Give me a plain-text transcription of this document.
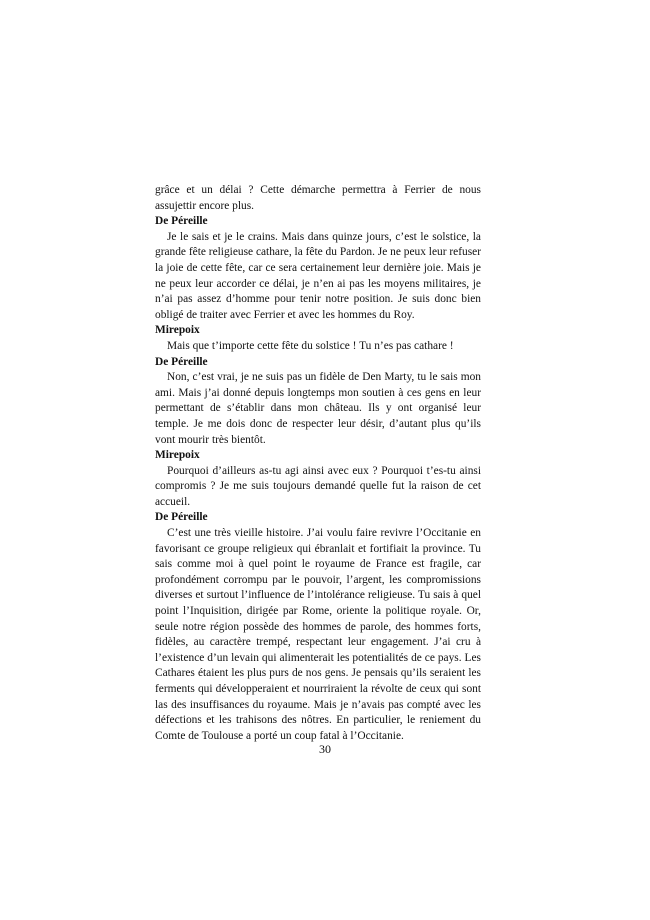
grâce et un délai ? Cette démarche permettra à Ferrier de nous assujettir encore plus.

De Péreille

Je le sais et je le crains. Mais dans quinze jours, c’est le solstice, la grande fête religieuse cathare, la fête du Pardon. Je ne peux leur refuser la joie de cette fête, car ce sera certainement leur dernière joie. Mais je ne peux leur accorder ce délai, je n’en ai pas les moyens militaires, je n’ai pas assez d’homme pour tenir notre position. Je suis donc bien obligé de traiter avec Ferrier et avec les hommes du Roy.

Mirepoix

Mais que t’importe cette fête du solstice ! Tu n’es pas cathare !

De Péreille

Non, c’est vrai, je ne suis pas un fidèle de Den Marty, tu le sais mon ami. Mais j’ai donné depuis longtemps mon soutien à ces gens en leur permettant de s’établir dans mon château. Ils y ont organisé leur temple. Je me dois donc de respecter leur désir, d’autant plus qu’ils vont mourir très bientôt.

Mirepoix

Pourquoi d’ailleurs as-tu agi ainsi avec eux ? Pourquoi t’es-tu ainsi compromis ? Je me suis toujours demandé quelle fut la raison de cet accueil.

De Péreille

C’est une très vieille histoire. J’ai voulu faire revivre l’Occitanie en favorisant ce groupe religieux qui ébranlait et fortifiait la province. Tu sais comme moi à quel point le royaume de France est fragile, car profondément corrompu par le pouvoir, l’argent, les compromissions diverses et surtout l’influence de l’intolérance religieuse. Tu sais à quel point l’Inquisition, dirigée par Rome, oriente la politique royale. Or, seule notre région possède des hommes de parole, des hommes forts, fidèles, au caractère trempé, respectant leur engagement. J’ai cru à l’existence d’un levain qui alimenterait les potentialités de ce pays. Les Cathares étaient les plus purs de nos gens. Je pensais qu’ils seraient les ferments qui développeraient et nourriraient la révolte de ceux qui sont las des insuffisances du royaume. Mais je n’avais pas compté avec les défections et les trahisons des nôtres. En particulier, le reniement du Comte de Toulouse a porté un coup fatal à l’Occitanie.

30
